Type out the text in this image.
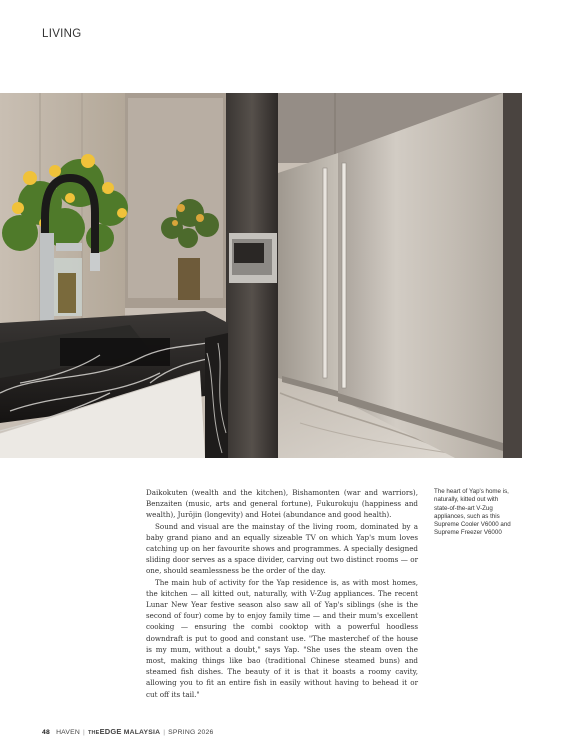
LIVING

Daikokuten (wealth and the kitchen), Bishamonten (war and warriors), Benzaiten (music, arts and general fortune), Fukurokuju (happiness and wealth), Jurōjin (longevity) and Hotei (abundance and good health).

Sound and visual are the mainstay of the living room, dominated by a baby grand piano and an equally sizeable TV on which Yap's mum loves catching up on her favourite shows and programmes. A specially designed sliding door serves as a space divider, carving out two distinct rooms — or one, should seamlessness be the order of the day.

The main hub of activity for the Yap residence is, as with most homes, the kitchen — all kitted out, naturally, with V-Zug appliances. The recent Lunar New Year festive season also saw all of Yap's siblings (she is the second of four) come by to enjoy family time — and their mum's excellent cooking — ensuring the combi cooktop with a powerful hoodless downdraft is put to good and constant use. "The masterchef of the house is my mum, without a doubt," says Yap. "She uses the steam oven the most, making things like bao (traditional Chinese steamed buns) and steamed fish dishes. The beauty of it is that it boasts a roomy cavity, allowing you to fit an entire fish in easily without having to behead it or cut off its tail."

The heart of Yap's home is, naturally, kitted out with state-of-the-art V-Zug appliances, such as this Supreme Cooler V6000 and Supreme Freezer V6000
48 HAVEN | THEEDGE MALAYSIA | SPRING 2026
